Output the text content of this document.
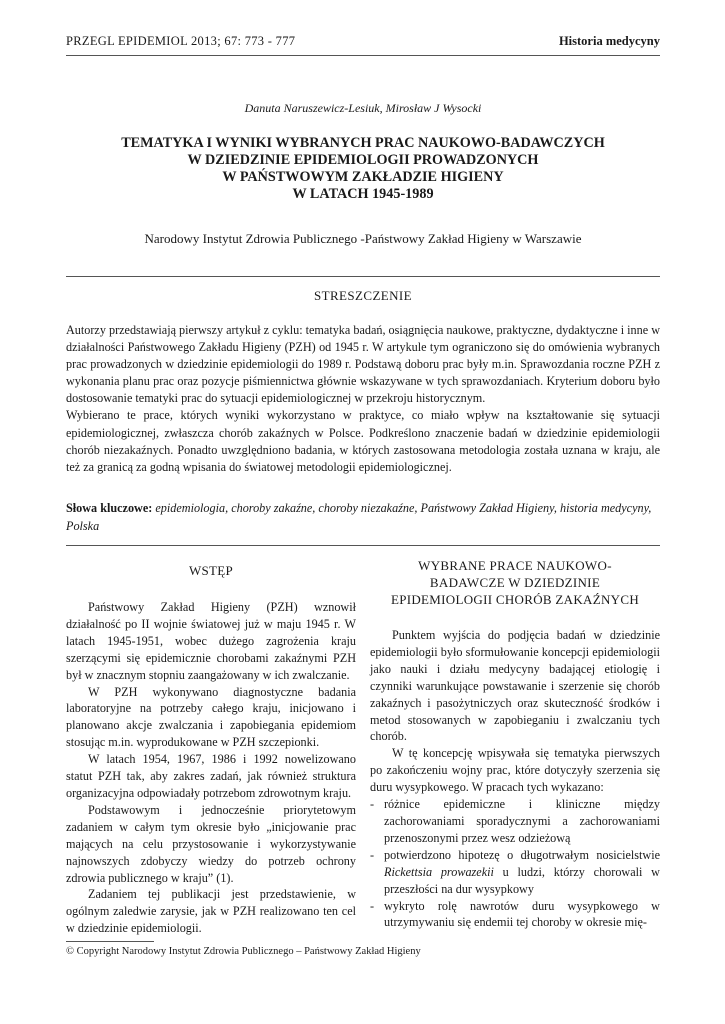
PRZEGL EPIDEMIOL 2013; 67: 773 - 777	Historia medycyny
Danuta Naruszewicz-Lesiuk, Mirosław J Wysocki
TEMATYKA I WYNIKI WYBRANYCH PRAC NAUKOWO-BADAWCZYCH
W DZIEDZINIE EPIDEMIOLOGII PROWADZONYCH
W PAŃSTWOWYM ZAKŁADZIE HIGIENY
W LATACH 1945-1989
Narodowy Instytut Zdrowia Publicznego -Państwowy Zakład Higieny w Warszawie
STRESZCZENIE

Autorzy przedstawiają pierwszy artykuł z cyklu: tematyka badań, osiągnięcia naukowe, praktyczne, dydaktyczne i inne w działalności Państwowego Zakładu Higieny (PZH) od 1945 r. W artykule tym ograniczono się do omówienia wybranych prac prowadzonych w dziedzinie epidemiologii do 1989 r. Podstawą doboru prac były m.in. Sprawozdania roczne PZH z wykonania planu prac oraz pozycje piśmiennictwa głównie wskazywane w tych sprawozdaniach. Kryterium doboru było dostosowanie tematyki prac do sytuacji epidemiologicznej w przekroju historycznym.

Wybierano te prace, których wyniki wykorzystano w praktyce, co miało wpływ na kształtowanie się sytuacji epidemiologicznej, zwłaszcza chorób zakaźnych w Polsce. Podkreślono znaczenie badań w dziedzinie epidemiologii chorób niezakaźnych. Ponadto uwzględniono badania, w których zastosowana metodologia została uznana w kraju, ale też za granicą za godną wpisania do światowej metodologii epidemiologicznej.

Słowa kluczowe: epidemiologia, choroby zakaźne, choroby niezakaźne, Państwowy Zakład Higieny, historia medycyny, Polska
WSTĘP

Państwowy Zakład Higieny (PZH) wznowił działalność po II wojnie światowej już w maju 1945 r. W latach 1945-1951, wobec dużego zagrożenia kraju szerzącymi się epidemicznie chorobami zakaźnymi PZH był w znacznym stopniu zaangażowany w ich zwalczanie.

W PZH wykonywano diagnostyczne badania laboratoryjne na potrzeby całego kraju, inicjowano i planowano akcje zwalczania i zapobiegania epidemiom stosując m.in. wyprodukowane w PZH szczepionki.

W latach 1954, 1967, 1986 i 1992 nowelizowano statut PZH tak, aby zakres zadań, jak również struktura organizacyjna odpowiadały potrzebom zdrowotnym kraju.

Podstawowym i jednocześnie priorytetowym zadaniem w całym tym okresie było „inicjowanie prac mających na celu przystosowanie i wykorzystywanie najnowszych zdobyczy wiedzy do potrzeb ochrony zdrowia publicznego w kraju” (1).

Zadaniem tej publikacji jest przedstawienie, w ogólnym zaledwie zarysie, jak w PZH realizowano ten cel w dziedzinie epidemiologii.

WYBRANE PRACE NAUKOWO-
BADAWCZE W DZIEDZINIE
EPIDEMIOLOGII CHORÓB ZAKAŹNYCH

Punktem wyjścia do podjęcia badań w dziedzinie epidemiologii było sformułowanie koncepcji epidemiologii jako nauki i działu medycyny badającej etiologię i czynniki warunkujące powstawanie i szerzenie się chorób zakaźnych i pasożytniczych oraz skuteczność środków i metod stosowanych w zapobieganiu i zwalczaniu tych chorób.

W tę koncepcję wpisywała się tematyka pierwszych po zakończeniu wojny prac, które dotyczyły szerzenia się duru wysypkowego. W pracach tych wykazano:

- różnice epidemiczne i kliniczne między zachorowaniami sporadycznymi a zachorowaniami przenoszonymi przez wesz odzieżową
- potwierdzono hipotezę o długotrwałym nosicielstwie Rickettsia prowazekii u ludzi, którzy chorowali w przeszłości na dur wysypkowy
- wykryto rolę nawrotów duru wysypkowego w utrzymywaniu się endemii tej choroby w okresie mię-
© Copyright Narodowy Instytut Zdrowia Publicznego – Państwowy Zakład Higieny
